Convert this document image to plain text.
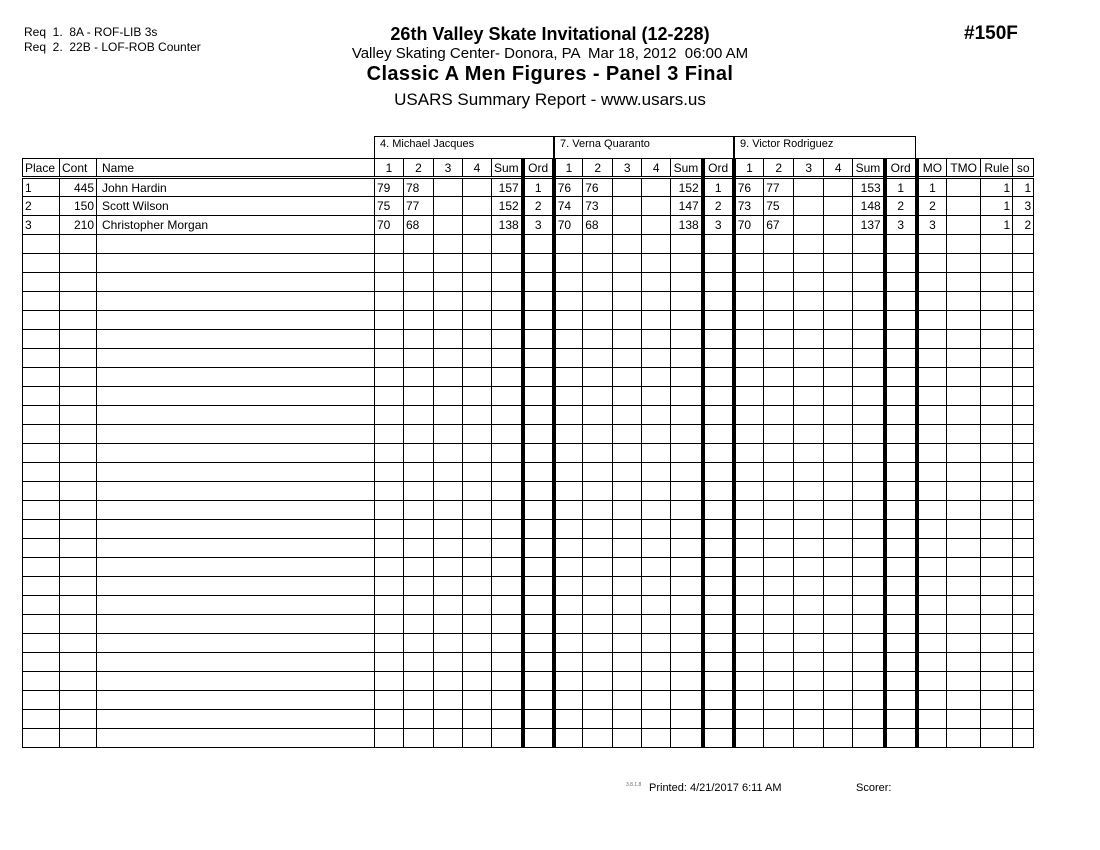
Req  1.  8A - ROF-LIB 3s
Req  2.  22B - LOF-ROB Counter
26th Valley Skate Invitational (12-228)
Valley Skating Center- Donora, PA  Mar 18, 2012  06:00 AM
Classic A Men Figures - Panel 3 Final
USARS Summary Report - www.usars.us
#150F
4. Michael Jacques	7. Verna Quaranto	9. Victor Rodriguez
Place	Cont	Name	1	2	3	4	Sum	Ord	1	2	3	4	Sum	Ord	1	2	3	4	Sum	Ord	MO	TMO	Rule	so
1	445	John Hardin	79	78			157	1	76	76			152	1	76	77			153	1	1		1	1
2	150	Scott Wilson	75	77			152	2	74	73			147	2	73	75			148	2	2		1	3
3	210	Christopher Morgan	70	68			138	3	70	68			138	3	70	67			137	3	3		1	2

3.8.1.8 Printed: 4/21/2017 6:11 AM	Scorer:
